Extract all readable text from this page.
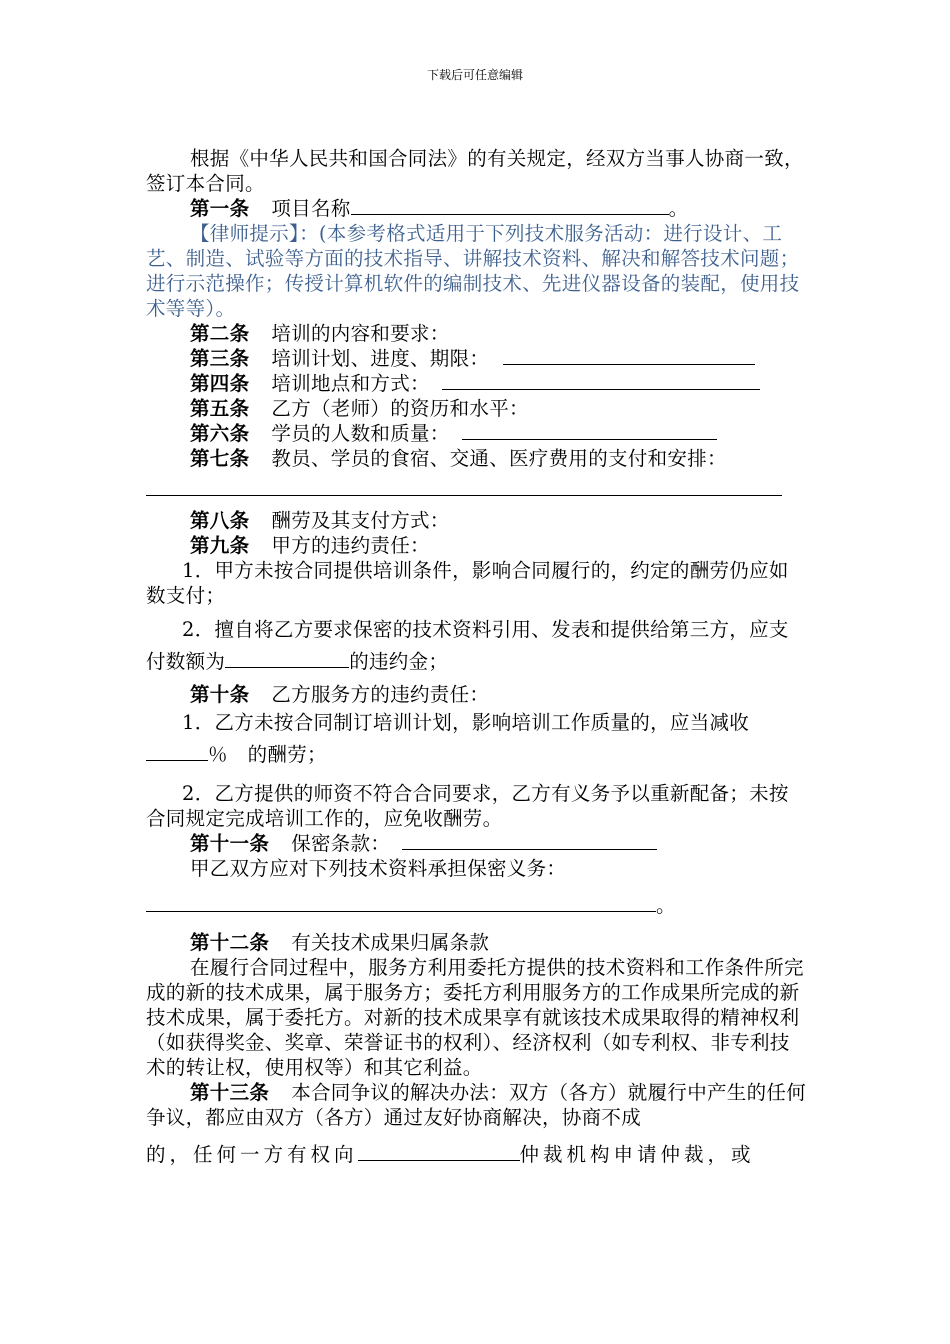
下载后可任意编辑

根据《中华人民共和国合同法》的有关规定，经双方当事人协商一致，签订本合同。

第一条 项目名称	。

【律师提示】：(本参考格式适用于下列技术服务活动：进行设计、工艺、制造、试验等方面的技术指导、讲解技术资料、解决和解答技术问题；进行示范操作；传授计算机软件的编制技术、先进仪器设备的装配，使用技术等等）。

第二条 培训的内容和要求：

第三条 培训计划、进度、期限：

第四条 培训地点和方式：

第五条 乙方（老师）的资历和水平：

第六条 学员的人数和质量：

第七条 教员、学员的食宿、交通、医疗费用的支付和安排：

第八条 酬劳及其支付方式：

第九条 甲方的违约责任：

1．甲方未按合同提供培训条件，影响合同履行的，约定的酬劳仍应如数支付；

2．擅自将乙方要求保密的技术资料引用、发表和提供给第三方，应支付数额为	的违约金；

第十条 乙方服务方的违约责任：

1．乙方未按合同制订培训计划，影响培训工作质量的，应当减收％　的酬劳；

2．乙方提供的师资不符合合同要求，乙方有义务予以重新配备；未按合同规定完成培训工作的，应免收酬劳。

第十一条 保密条款：

甲乙双方应对下列技术资料承担保密义务：

。

第十二条 有关技术成果归属条款

在履行合同过程中，服务方利用委托方提供的技术资料和工作条件所完成的新的技术成果，属于服务方；委托方利用服务方的工作成果所完成的新技术成果，属于委托方。对新的技术成果享有就该技术成果取得的精神权利（如获得奖金、奖章、荣誉证书的权利）、经济权利（如专利权、非专利技术的转让权，使用权等）和其它利益。

第十三条 本合同争议的解决办法：双方（各方）就履行中产生的任何争议，都应由双方（各方）通过友好协商解决，协商不成

的，任何一方有权向	仲裁机构申请仲裁，或
